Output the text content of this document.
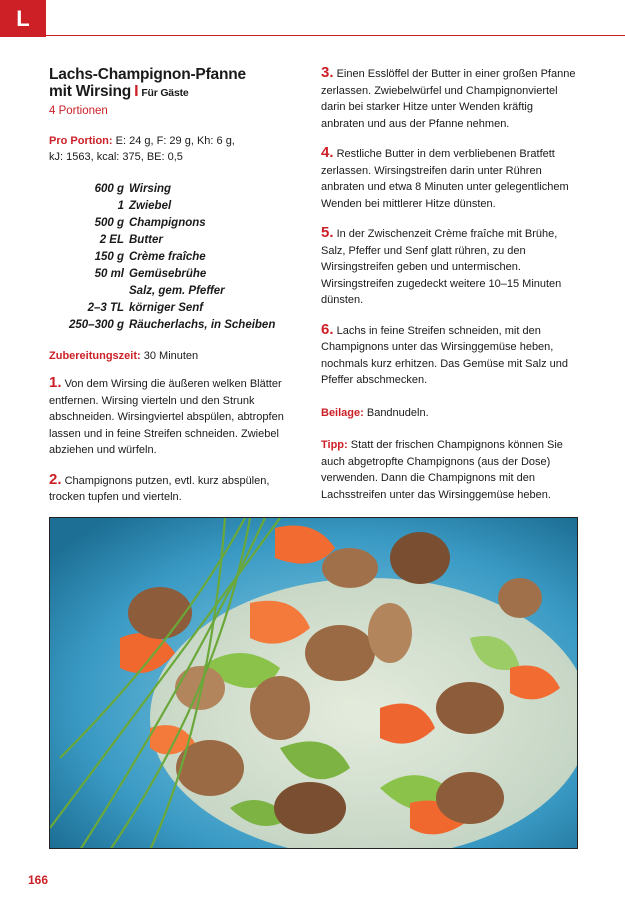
L
Lachs-Champignon-Pfanne
mit Wirsing I Für Gäste
4 Portionen
Pro Portion: E: 24 g, F: 29 g, Kh: 6 g,
kJ: 1563, kcal: 375, BE: 0,5
600 g Wirsing
1 Zwiebel
500 g Champignons
2 EL Butter
150 g Crème fraîche
50 ml Gemüsebrühe
Salz, gem. Pfeffer
2–3 TL körniger Senf
250–300 g Räucherlachs, in Scheiben
Zubereitungszeit: 30 Minuten
1. Von dem Wirsing die äußeren welken Blätter entfernen. Wirsing vierteln und den Strunk abschneiden. Wirsingviertel abspülen, abtropfen lassen und in feine Streifen schneiden. Zwiebel abziehen und würfeln.
2. Champignons putzen, evtl. kurz abspülen, trocken tupfen und vierteln.
3. Einen Esslöffel der Butter in einer großen Pfanne zerlassen. Zwiebelwürfel und Champignonviertel darin bei starker Hitze unter Wenden kräftig anbraten und aus der Pfanne nehmen.
4. Restliche Butter in dem verbliebenen Bratfett zerlassen. Wirsingstreifen darin unter Rühren anbraten und etwa 8 Minuten unter gelegentlichem Wenden bei mittlerer Hitze dünsten.
5. In der Zwischenzeit Crème fraîche mit Brühe, Salz, Pfeffer und Senf glatt rühren, zu den Wirsingstreifen geben und untermischen. Wirsingstreifen zugedeckt weitere 10–15 Minuten dünsten.
6. Lachs in feine Streifen schneiden, mit den Champignons unter das Wirsinggemüse heben, nochmals kurz erhitzen. Das Gemüse mit Salz und Pfeffer abschmecken.
Beilage: Bandnudeln.
Tipp: Statt der frischen Champignons können Sie auch abgetropfte Champignons (aus der Dose) verwenden. Dann die Champignons mit den Lachsstreifen unter das Wirsinggemüse heben.
166
